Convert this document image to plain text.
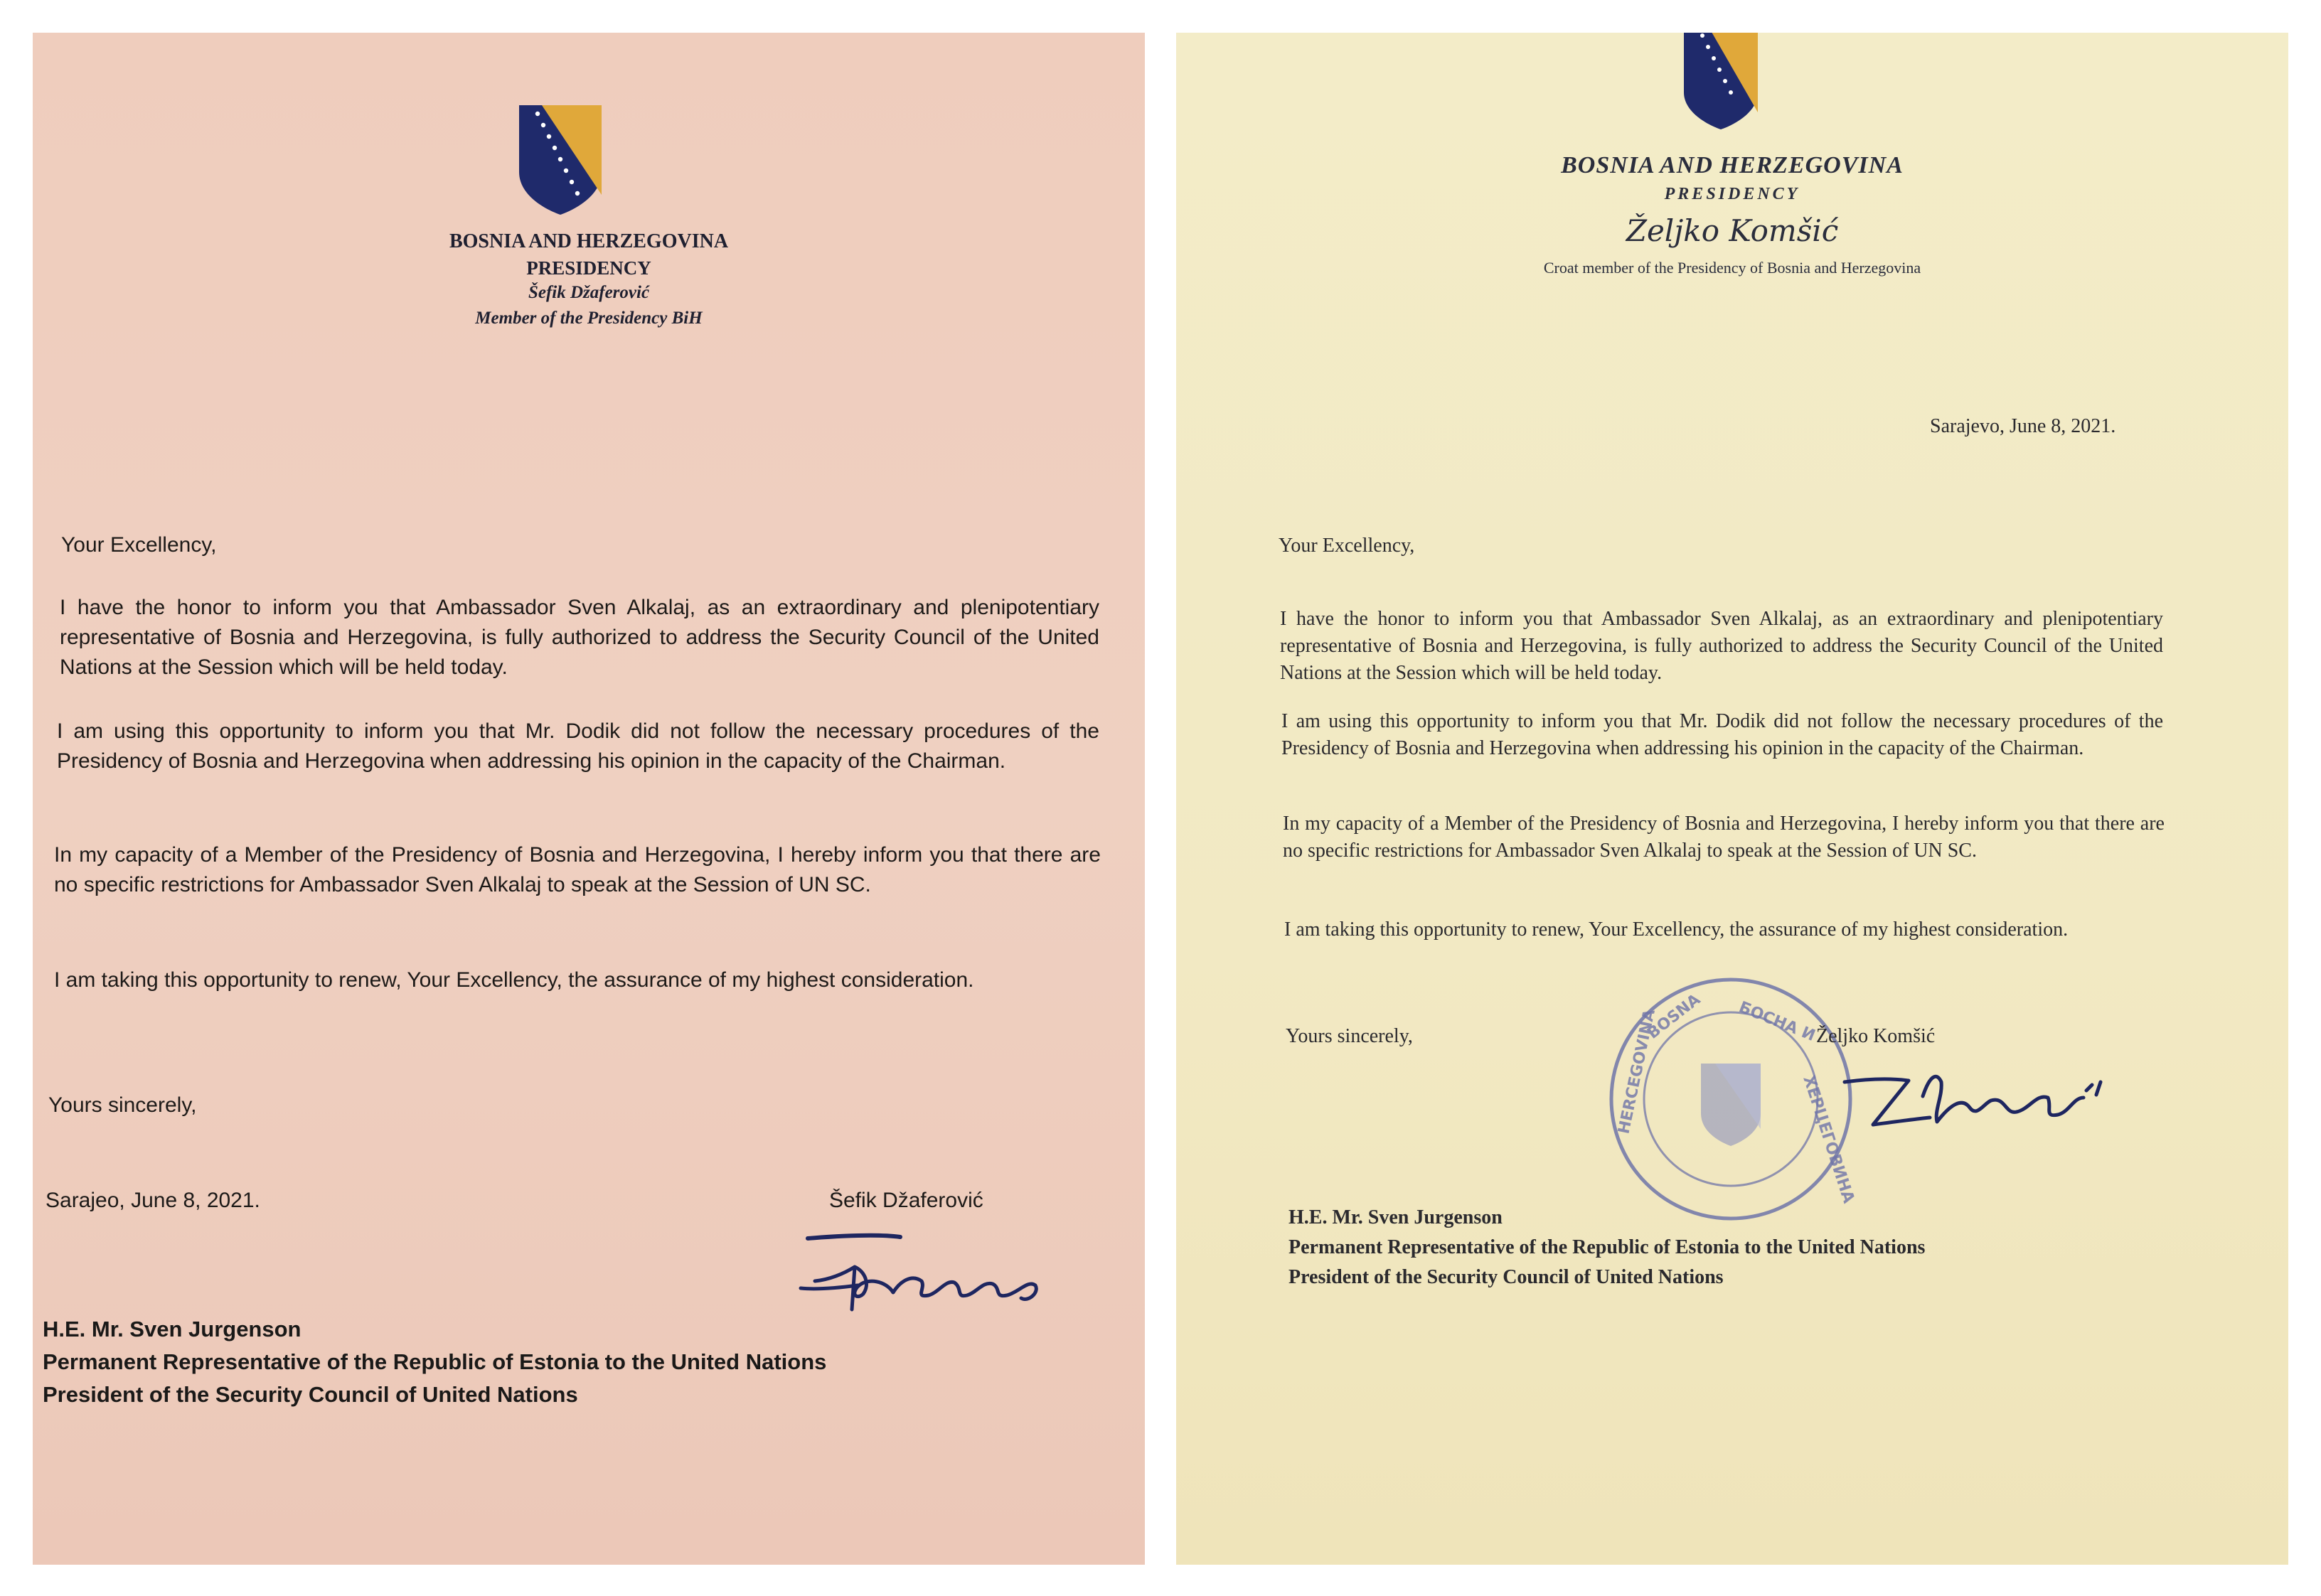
BOSNIA AND HERZEGOVINA
PRESIDENCY
Šefik Džaferović
Member of the Presidency BiH
Your Excellency,
I have the honor to inform you that Ambassador Sven Alkalaj, as an extraordinary and plenipotentiary representative of Bosnia and Herzegovina, is fully authorized to address the Security Council of the United Nations at the Session which will be held today.
I am using this opportunity to inform you that Mr. Dodik did not follow the necessary procedures of the Presidency of Bosnia and Herzegovina when addressing his opinion in the capacity of the Chairman.
In my capacity of a Member of the Presidency of Bosnia and Herzegovina, I hereby inform you that there are no specific restrictions for Ambassador Sven Alkalaj to speak at the Session of UN SC.
I am taking this opportunity to renew, Your Excellency, the assurance of my highest consideration.
Yours sincerely,
Sarajeo, June 8, 2021.	Šefik Džaferović
H.E. Mr. Sven Jurgenson
Permanent Representative of the Republic of Estonia to the United Nations
President of the Security Council of United Nations
BOSNIA AND HERZEGOVINA
PRESIDENCY
Željko Komšić
Croat member of the Presidency of Bosnia and Herzegovina
Sarajevo, June 8, 2021.
Your Excellency,
I have the honor to inform you that Ambassador Sven Alkalaj, as an extraordinary and plenipotentiary representative of Bosnia and Herzegovina, is fully authorized to address the Security Council of the United Nations at the Session which will be held today.
I am using this opportunity to inform you that Mr. Dodik did not follow the necessary procedures of the Presidency of Bosnia and Herzegovina when addressing his opinion in the capacity of the Chairman.
In my capacity of a Member of the Presidency of Bosnia and Herzegovina, I hereby inform you that there are no specific restrictions for Ambassador Sven Alkalaj to speak at the Session of UN SC.
I am taking this opportunity to renew, Your Excellency, the assurance of my highest consideration.
Yours sincerely,	BOSNA БОСНА И
ХЕРЦЕГОВИНА
HERCEGOVINA	Željko Komšić
H.E. Mr. Sven Jurgenson
Permanent Representative of the Republic of Estonia to the United Nations
President of the Security Council of United Nations
